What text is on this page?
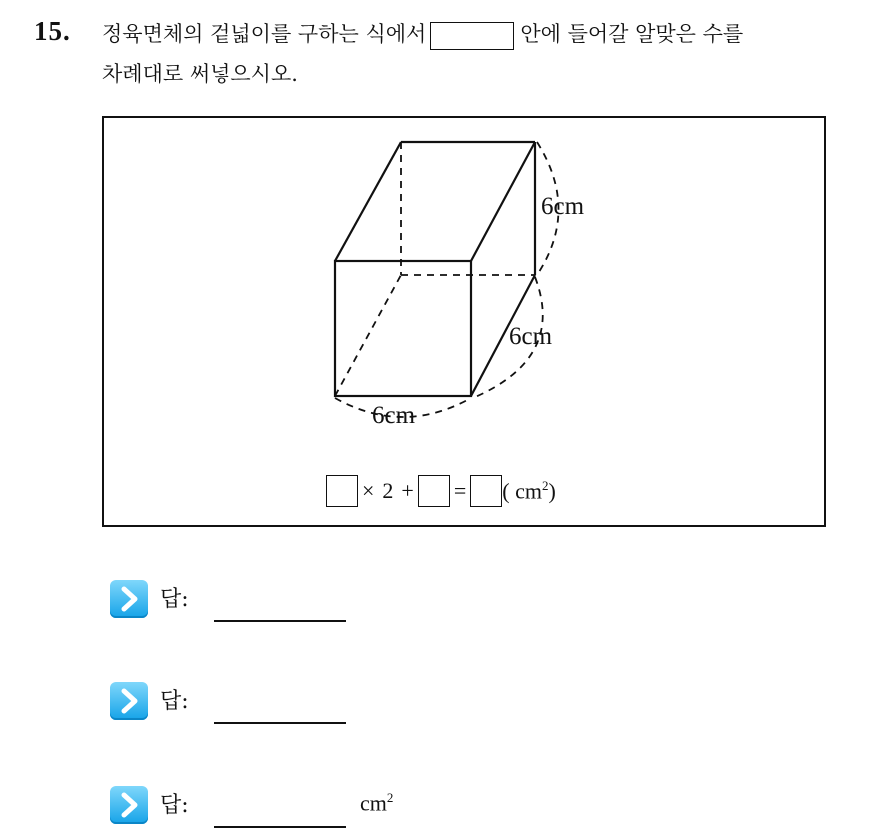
15. 정육면체의 겉넓이를 구하는 식에서	안에 들어갈 알맞은 수를
차례대로 써넣으시오.
6cm
6cm
6cm
× 2 + = ( $cm^2$)
답:
답:
답:	$cm^2$
